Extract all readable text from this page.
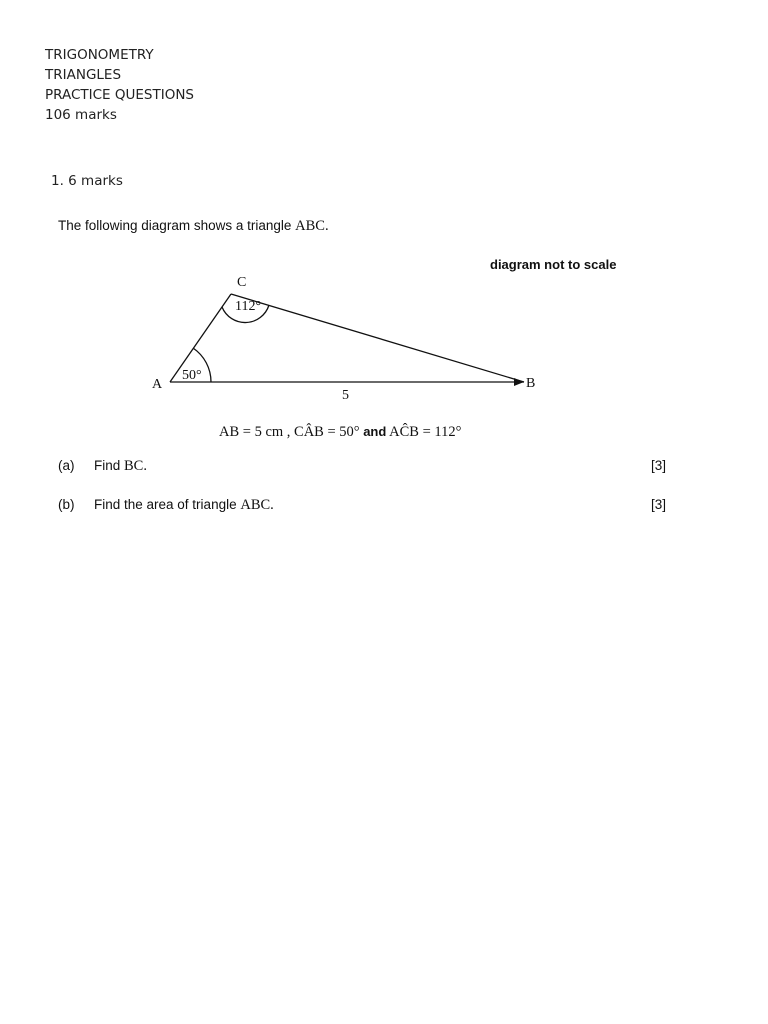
TRIGONOMETRY
TRIANGLES
PRACTICE QUESTIONS
106 marks
1. 6 marks
The following diagram shows a triangle ABC.
diagram not to scale
C
A	B
112°
50°
5
AB = 5 cm , CÂB = 50° and AĈB = 112°
(a) Find BC.	[3]
(b) Find the area of triangle ABC.	[3]
